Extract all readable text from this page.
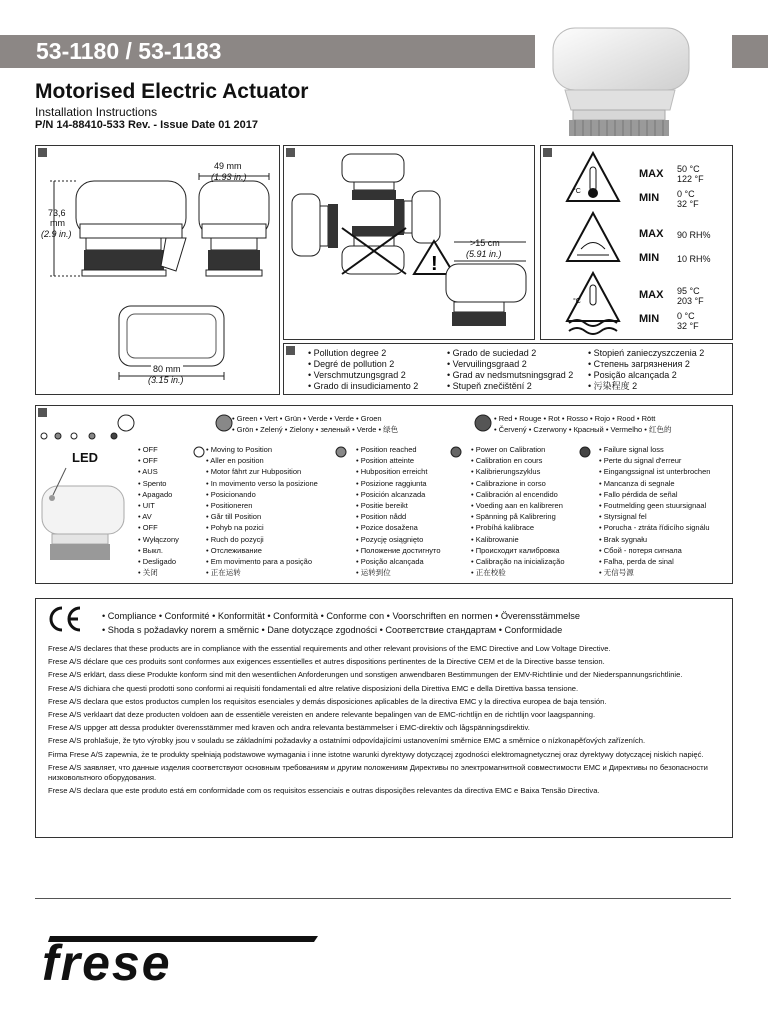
53-1180 / 53-1183
Motorised Electric Actuator
Installation Instructions
P/N 14-88410-533 Rev. - Issue Date 01 2017
49 mm
(1.93 in.)
73,6
mm
(2.9 in.)
80 mm
(3.15 in.)
!
>15 cm
(5.91 in.)
°C
°C
MAX 50 °C
122 °F
MIN 0 °C
32 °F
MAX 90 RH%
MIN 10 RH%
MAX 95 °C
203 °F
MIN 0 °C
32 °F
• Pollution degree 2
• Degré de pollution 2
• Verschmutzungsgrad 2
• Grado di insudiciamento 2
• Grado de suciedad 2
• Vervuilingsgraad 2
• Grad av nedsmutsningsgrad 2
• Stupeň znečištění 2
• Stopień zanieczyszczenia 2
• Степень загрязнения 2
• Posição alcançada 2
• 污染程度 2
LED
• Green • Vert • Grün • Verde • Verde • Groen
• Grön • Zelený • Zielony • зеленый • Verde • 绿色
• Red • Rouge • Rot • Rosso • Rojo • Rood • Rött
• Červený • Czerwony • Красный • Vermelho • 红色的
• OFF
• OFF
• AUS
• Spento
• Apagado
• UIT
• AV
• OFF
• Wyłączony
• Выкл.
• Desligado
• 关闭
• Moving to Position
• Aller en position
• Motor fährt zur Hubposition
• In movimento verso la posizione
• Posicionando
• Positioneren
• Går till Position
• Pohyb na pozici
• Ruch do pozycji
• Отслеживание
• Em movimento para a posição
• 正在运转
• Position reached
• Position atteinte
• Hubposition erreicht
• Posizione raggiunta
• Posición alcanzada
• Positie bereikt
• Position nådd
• Pozice dosažena
• Pozycję osiągnięto
• Положение достигнуто
• Posição alcançada
• 运转到位
• Power on Calibration
• Calibration en cours
• Kalibrierungszyklus
• Calibrazione in corso
• Calibración al encendido
• Voeding aan en kalibreren
• Spänning på Kalibrering
• Probíhá kalibrace
• Kalibrowanie
• Происходит калибровка
• Calibração na inicialização
• 正在校验
• Failure signal loss
• Perte du signal d'erreur
• Eingangssignal ist unterbrochen
• Mancanza di segnale
• Fallo pérdida de señal
• Foutmelding geen stuursignaal
• Styrsignal fel
• Porucha - ztráta řídicího signálu
• Brak sygnału
• Сбой - потеря сигнала
• Falha, perda de sinal
• 无信号源
• Compliance • Conformité • Konformität • Conformità • Conforme con • Voorschriften en normen • Överensstämmelse
• Shoda s požadavky norem a směrnic • Dane dotyczące zgodności • Соответствие стандартам • Conformidade

Frese A/S declares that these products are in compliance with the essential requirements and other relevant provisions of the EMC Directive and Low Voltage Directive.

Frese A/S déclare que ces produits sont conformes aux exigences essentielles et autres dispositions pertinentes de la Directive CEM et de la Directive basse tension.

Frese A/S erklärt, dass diese Produkte konform sind mit den wesentlichen Anforderungen und sonstigen anwendbaren Bestimmungen der EMV-Richtlinie und der Niederspannungsrichtlinie.

Frese A/S dichiara che questi prodotti sono conformi ai requisiti fondamentali ed altre relative disposizioni della Direttiva EMC e della Direttiva bassa tensione.

Frese A/S declara que estos productos cumplen los requisitos esenciales y demás disposiciones aplicables de la directiva EMC y la directiva europea de baja tensión.

Frese A/S verklaart dat deze producten voldoen aan de essentiële vereisten en andere relevante bepalingen van de EMC-richtlijn en de richtlijn voor laagspanning.

Frese A/S uppger att dessa produkter överensstämmer med kraven och andra relevanta bestämmelser i EMC-direktiv och lågspänningsdirektiv.

Frese A/S prohlašuje, že tyto výrobky jsou v souladu se základními požadavky a ostatními odpovídajícími ustanoveními směrnice EMC a směrnice o nízkonapěťových zařízeních.

Firma Frese A/S zapewnia, że te produkty spełniają podstawowe wymagania i inne istotne warunki dyrektywy dotyczącej zgodności elektromagnetycznej oraz dyrektywy dotyczącej niskich napięć.

Frese A/S заявляет, что данные изделия соответствуют основным требованиям и другим положениям Директивы по электромагнитной совместимости EMC и Директивы по безопасности низковольтного оборудования.

Frese A/S declara que este produto está em conformidade com os requisitos essenciais e outras disposições relevantes da directiva EMC e Baixa Tensão Directiva.

frese
